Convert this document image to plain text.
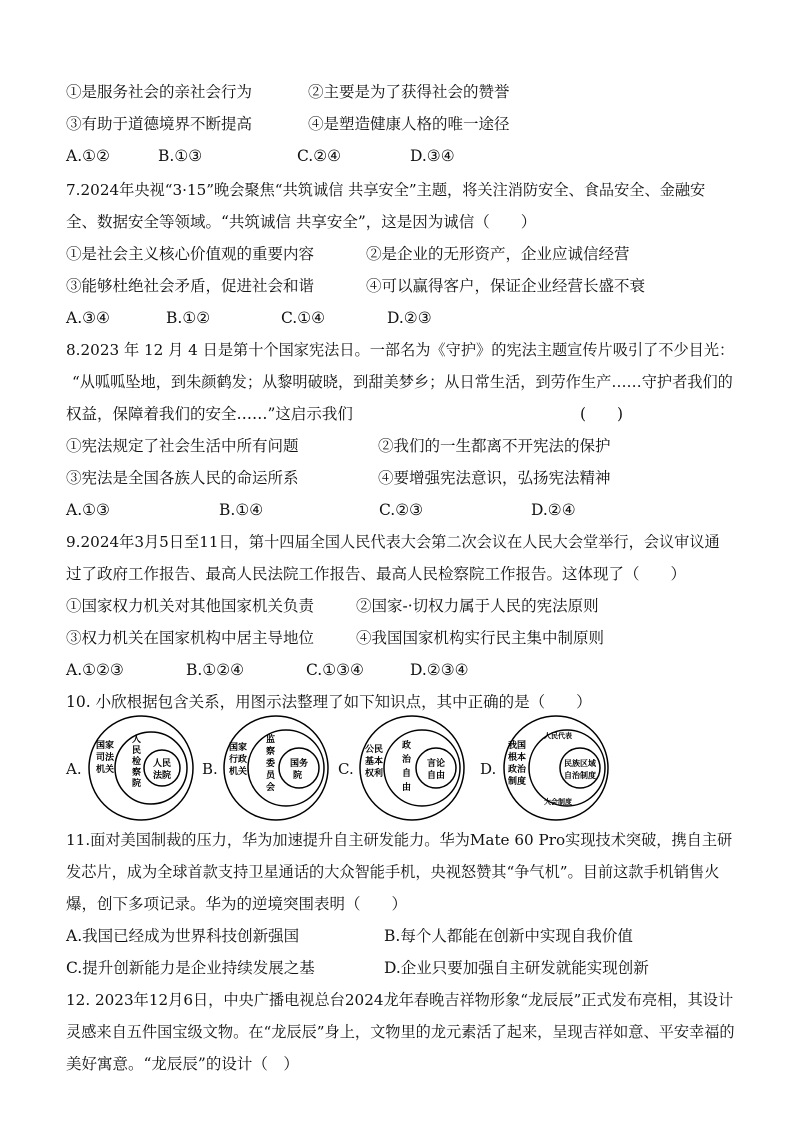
①是服务社会的亲社会行为	②主要是为了获得社会的赞誉
③有助于道德境界不断提高	④是塑造健康人格的唯一途径
A.①②	B.①③	C.②④	D.③④
7.2024年央视“3·15”晚会聚焦“共筑诚信 共享安全”主题，将关注消防安全、食品安全、金融安
全、数据安全等领域。“共筑诚信 共享安全”，这是因为诚信（　　）
①是社会主义核心价值观的重要内容	②是企业的无形资产，企业应诚信经营
③能够杜绝社会矛盾，促进社会和谐	④可以赢得客户，保证企业经营长盛不衰
A.③④	B.①②	C.①④	D.②③
8.2023 年 12 月 4 日是第十个国家宪法日。一部名为《守护》的宪法主题宣传片吸引了不少目光：
“从呱呱坠地，到朱颜鹤发；从黎明破晓，到甜美梦乡；从日常生活，到劳作生产……守护者我们的
权益，保障着我们的安全……”这启示我们	(　　)
①宪法规定了社会生活中所有问题	②我们的一生都离不开宪法的保护
③宪法是全国各族人民的命运所系	④要增强宪法意识，弘扬宪法精神
A.①③	B.①④	C.②③	D.②④
9.2024年3月5日至11日，第十四届全国人民代表大会第二次会议在人民大会堂举行，会议审议通
过了政府工作报告、最高人民法院工作报告、最高人民检察院工作报告。这体现了（　　）
①国家权力机关对其他国家机关负责	②国家-·切权力属于人民的宪法原则
③权力机关在国家机构中居主导地位	④我国国家机构实行民主集中制原则
A.①②③	B.①②④	C.①③④	D.②③④
10. 小欣根据包含关系，用图示法整理了如下知识点，其中正确的是（　　）
A.
国家
司法
机关
人
民
检
察
院
人民
法院 B.
国家
行政
机关
监
察
委
员
会
国务
院 C.
公民
基本
权利
政
治
自
由
言论
自由 D.
我国
根本
政治
制度
人民代表
大会制度
民族区域
自治制度
11.面对美国制裁的压力，华为加速提升自主研发能力。华为Mate 60 Pro实现技术突破，携自主研
发芯片，成为全球首款支持卫星通话的大众智能手机，央视怒赞其“争气机”。目前这款手机销售火
爆，创下多项记录。华为的逆境突围表明（　　）
A.我国已经成为世界科技创新强国	B.每个人都能在创新中实现自我价值
C.提升创新能力是企业持续发展之基	D.企业只要加强自主研发就能实现创新
12. 2023年12月6日，中央广播电视总台2024龙年春晚吉祥物形象“龙辰辰”正式发布亮相，其设计
灵感来自五件国宝级文物。在“龙辰辰”身上，文物里的龙元素活了起来，呈现吉祥如意、平安幸福的
美好寓意。“龙辰辰”的设计（　）
